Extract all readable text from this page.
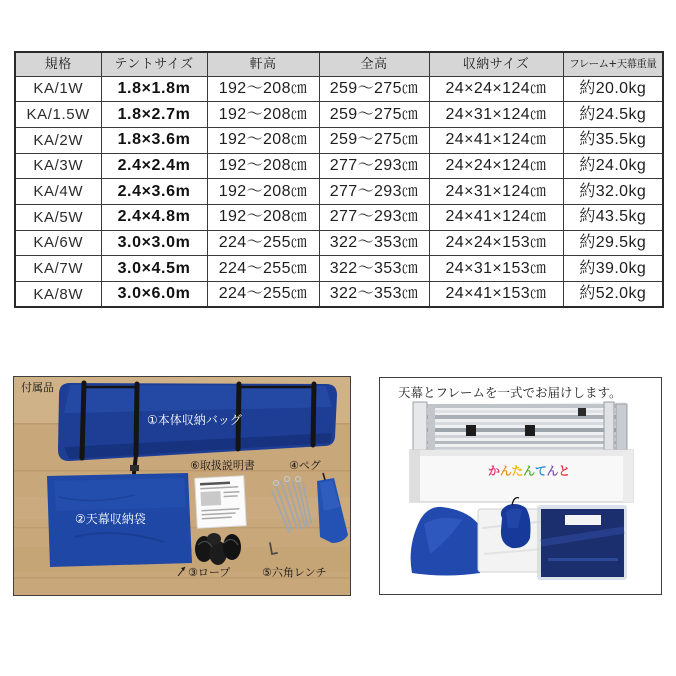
規格	テントサイズ	軒高	全高	収納サイズ	フレーム+天幕重量
KA/1W	1.8×1.8m	192〜208㎝	259〜275㎝	24×24×124㎝	約20.0kg
KA/1.5W	1.8×2.7m	192〜208㎝	259〜275㎝	24×31×124㎝	約24.5kg
KA/2W	1.8×3.6m	192〜208㎝	259〜275㎝	24×41×124㎝	約35.5kg
KA/3W	2.4×2.4m	192〜208㎝	277〜293㎝	24×24×124㎝	約24.0kg
KA/4W	2.4×3.6m	192〜208㎝	277〜293㎝	24×31×124㎝	約32.0kg
KA/5W	2.4×4.8m	192〜208㎝	277〜293㎝	24×41×124㎝	約43.5kg
KA/6W	3.0×3.0m	224〜255㎝	322〜353㎝	24×24×153㎝	約29.5kg
KA/7W	3.0×4.5m	224〜255㎝	322〜353㎝	24×31×153㎝	約39.0kg
KA/8W	3.0×6.0m	224〜255㎝	322〜353㎝	24×41×153㎝	約52.0kg
付属品
①本体収納バッグ
⑥取扱説明書	④ペグ
②天幕収納袋
③ロープ	⑤六角レンチ
天幕とフレームを一式でお届けします。
かんたんてんと
